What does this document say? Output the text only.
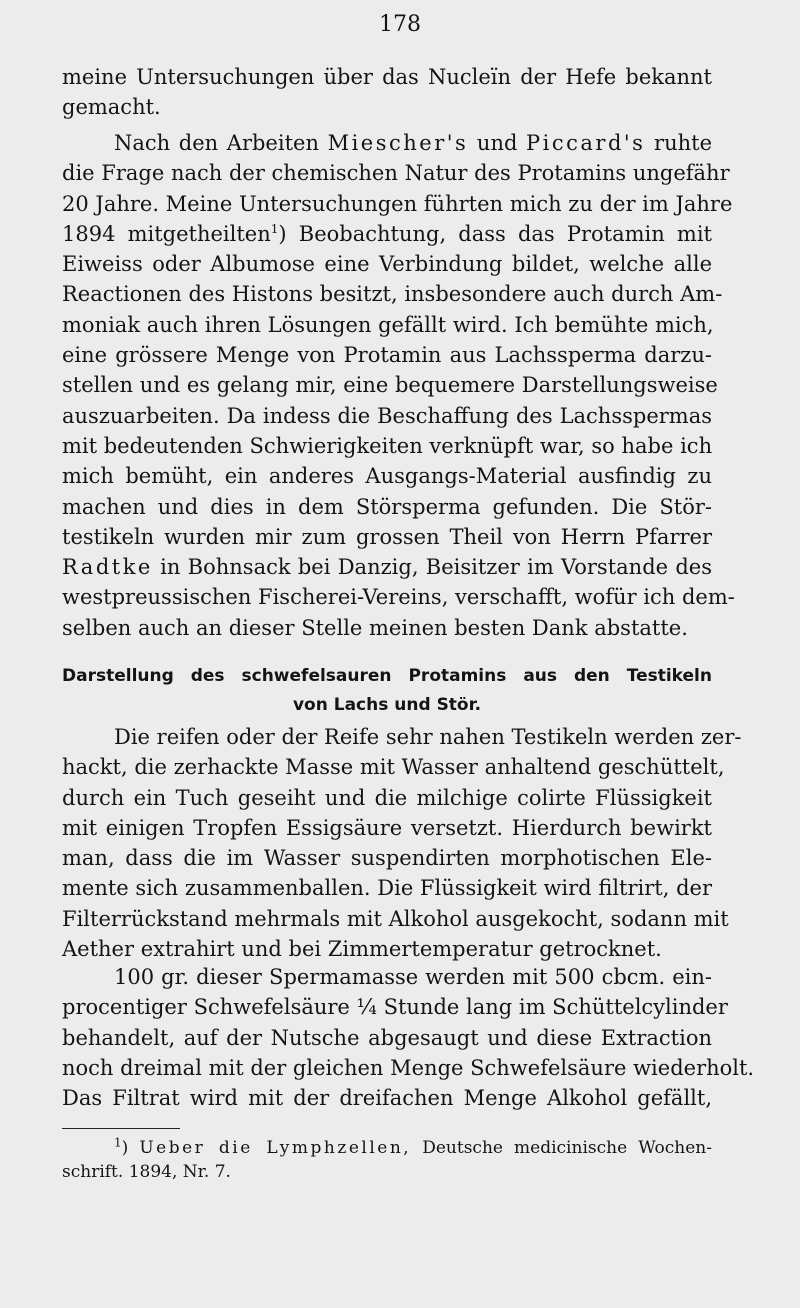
178
meine Untersuchungen über das Nucleïn der Hefe bekannt
gemacht.
Nach den Arbeiten Miescher's und Piccard's ruhte
die Frage nach der chemischen Natur des Protamins ungefähr
20 Jahre. Meine Untersuchungen führten mich zu der im Jahre
1894 mitgetheilten$^1$) Beobachtung, dass das Protamin mit
Eiweiss oder Albumose eine Verbindung bildet, welche alle
Reactionen des Histons besitzt, insbesondere auch durch Am-
moniak auch ihren Lösungen gefällt wird. Ich bemühte mich,
eine grössere Menge von Protamin aus Lachssperma darzu-
stellen und es gelang mir, eine bequemere Darstellungsweise
auszuarbeiten. Da indess die Beschaffung des Lachsspermas
mit bedeutenden Schwierigkeiten verknüpft war, so habe ich
mich bemüht, ein anderes Ausgangs-Material ausfindig zu
machen und dies in dem Störsperma gefunden. Die Stör-
testikeln wurden mir zum grossen Theil von Herrn Pfarrer
Radtke in Bohnsack bei Danzig, Beisitzer im Vorstande des
westpreussischen Fischerei-Vereins, verschafft, wofür ich dem-
selben auch an dieser Stelle meinen besten Dank abstatte.
Darstellung des schwefelsauren Protamins aus den Testikeln
von Lachs und Stör.
Die reifen oder der Reife sehr nahen Testikeln werden zer-
hackt, die zerhackte Masse mit Wasser anhaltend geschüttelt,
durch ein Tuch geseiht und die milchige colirte Flüssigkeit
mit einigen Tropfen Essigsäure versetzt. Hierdurch bewirkt
man, dass die im Wasser suspendirten morphotischen Ele-
mente sich zusammenballen. Die Flüssigkeit wird filtrirt, der
Filterrückstand mehrmals mit Alkohol ausgekocht, sodann mit
Aether extrahirt und bei Zimmertemperatur getrocknet.
100 gr. dieser Spermamasse werden mit 500 cbcm. ein-
procentiger Schwefelsäure ¼ Stunde lang im Schüttelcylinder
behandelt, auf der Nutsche abgesaugt und diese Extraction
noch dreimal mit der gleichen Menge Schwefelsäure wiederholt.
Das Filtrat wird mit der dreifachen Menge Alkohol gefällt,
$^1$) Ueber die Lymphzellen, Deutsche medicinische Wochen-
schrift. 1894, Nr. 7.
